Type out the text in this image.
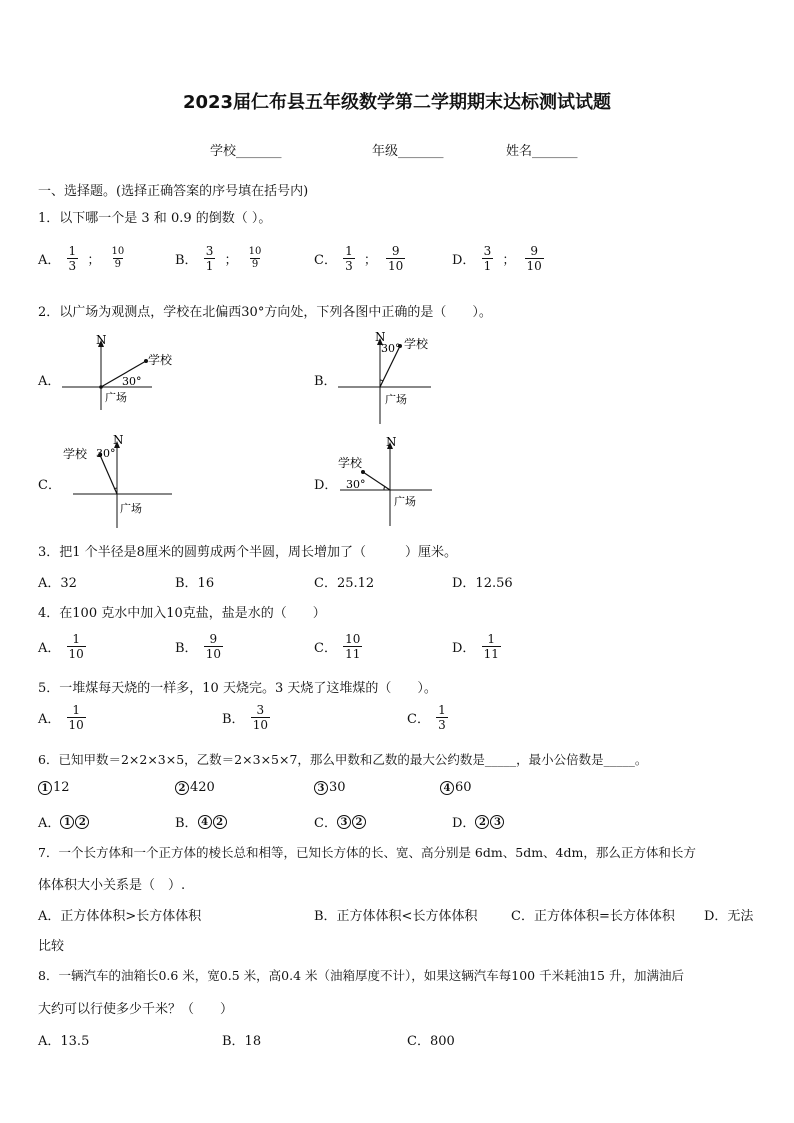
2023届仁布县五年级数学第二学期期末达标测试试题
学校_______	年级_______	姓名_______
一、选择题。(选择正确答案的序号填在括号内)
1．以下哪一个是 3 和 0.9 的倒数（ ）。
A． $\frac{1}{3}$ ； $\frac{10}{9}$	B． $\frac{3}{1}$ ； $\frac{10}{9}$	C． $\frac{1}{3}$ ； $\frac{9}{10}$	D． $\frac{3}{1}$ ； $\frac{9}{10}$
2．以广场为观测点，学校在北偏西30°方向处，下列各图中正确的是（　　）。
A．
N
学校
30°
广场
B．
N
30° 学校
广场
C．
N
学校 30°
广场
D．
N
学校
30°
广场
3．把1 个半径是8厘米的圆剪成两个半圆，周长增加了（　　　）厘米。
A．32	B．16	C．25.12	D．12.56
4．在100 克水中加入10克盐，盐是水的（　　）
A． $\frac{1}{10}$	B． $\frac{9}{10}$	C． $\frac{10}{11}$	D． $\frac{1}{11}$
5．一堆煤每天烧的一样多，10 天烧完。3 天烧了这堆煤的（　　）。
A． $\frac{1}{10}$	B． $\frac{3}{10}$	C． $\frac{1}{3}$
6．已知甲数＝2×2×3×5，乙数＝2×3×5×7，那么甲数和乙数的最大公约数是_____，最小公倍数是_____。
1 12	2 420	3 30	4 60
A． 1 2	B． 4 2	C． 3 2	D． 2 3
7．一个长方体和一个正方体的棱长总和相等，已知长方体的长、宽、高分别是 6dm、5dm、4dm，那么正方体和长方
体体积大小关系是（　）.
A．正方体体积>长方体体积	B．正方体体积<长方体体积	C．正方体体积=长方体体积 D．无法
比较
8．一辆汽车的油箱长0.6 米，宽0.5 米，高0.4 米（油箱厚度不计），如果这辆汽车每100 千米耗油15 升，加满油后
大约可以行使多少千米？（　　）
A．13.5	B．18	C．800
